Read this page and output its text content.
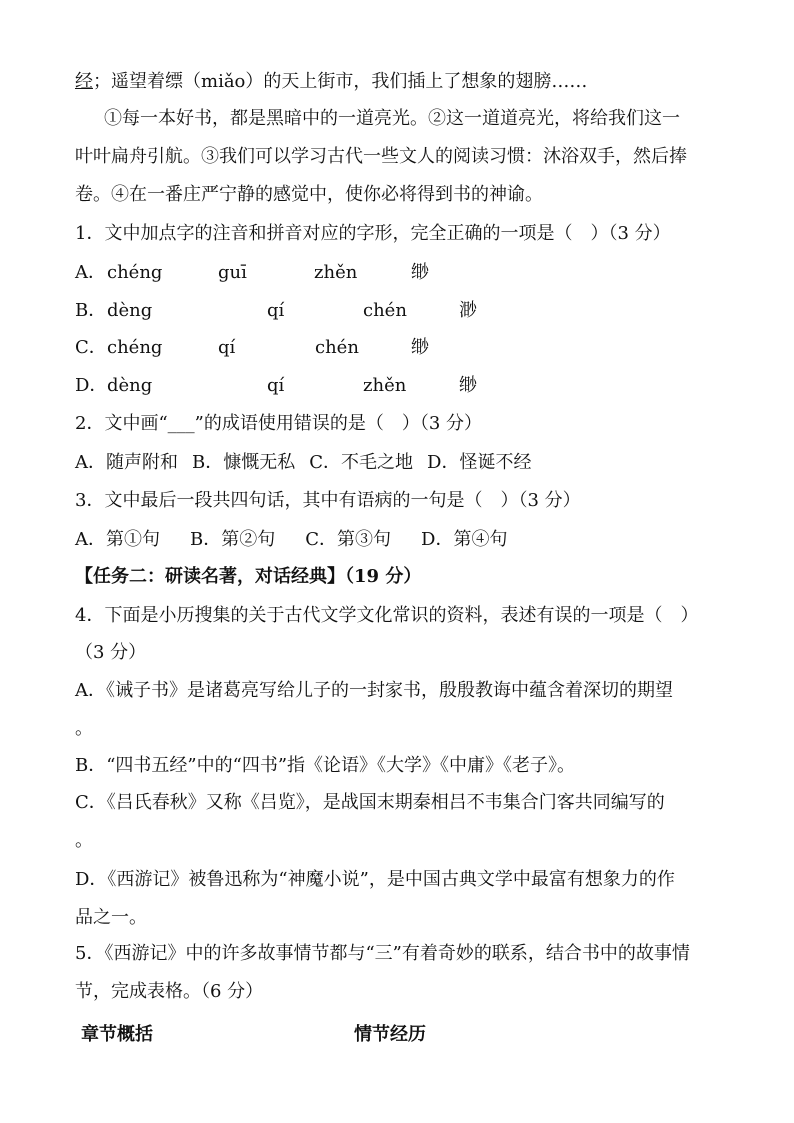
经；遥望着缥（miǎo）的天上街市，我们插上了想象的翅膀……
①每一本好书，都是黑暗中的一道亮光。②这一道道亮光，将给我们这一
叶叶扁舟引航。③我们可以学习古代一些文人的阅读习惯：沐浴双手，然后捧
卷。④在一番庄严宁静的感觉中，使你必将得到书的神谕。
1．文中加点字的注音和拼音对应的字形，完全正确的一项是（　）（3 分）
A． chéng	guī	zhěn	缈
B． dèng	qí	chén	渺
C． chéng	qí	chén	缈
D． dèng	qí	zhěn	缈
2．文中画“___”的成语使用错误的是（　）（3 分）
A．随声附和 B．慷慨无私 C．不毛之地 D．怪诞不经
3．文中最后一段共四句话，其中有语病的一句是（　）（3 分）
A．第①句 B．第②句 C．第③句 D．第④句
【任务二：研读名著，对话经典】（19 分）
4．下面是小历搜集的关于古代文学文化常识的资料，表述有误的一项是（　）
（3 分）
A．《诫子书》是诸葛亮写给儿子的一封家书，殷殷教诲中蕴含着深切的期望
。
B．“四书五经”中的“四书”指《论语》《大学》《中庸》《老子》。
C．《吕氏春秋》又称《吕览》，是战国末期秦相吕不韦集合门客共同编写的
。
D．《西游记》被鲁迅称为“神魔小说”，是中国古典文学中最富有想象力的作
品之一。
5．《西游记》中的许多故事情节都与“三”有着奇妙的联系，结合书中的故事情
节，完成表格。（6 分）
章节概括	情节经历
